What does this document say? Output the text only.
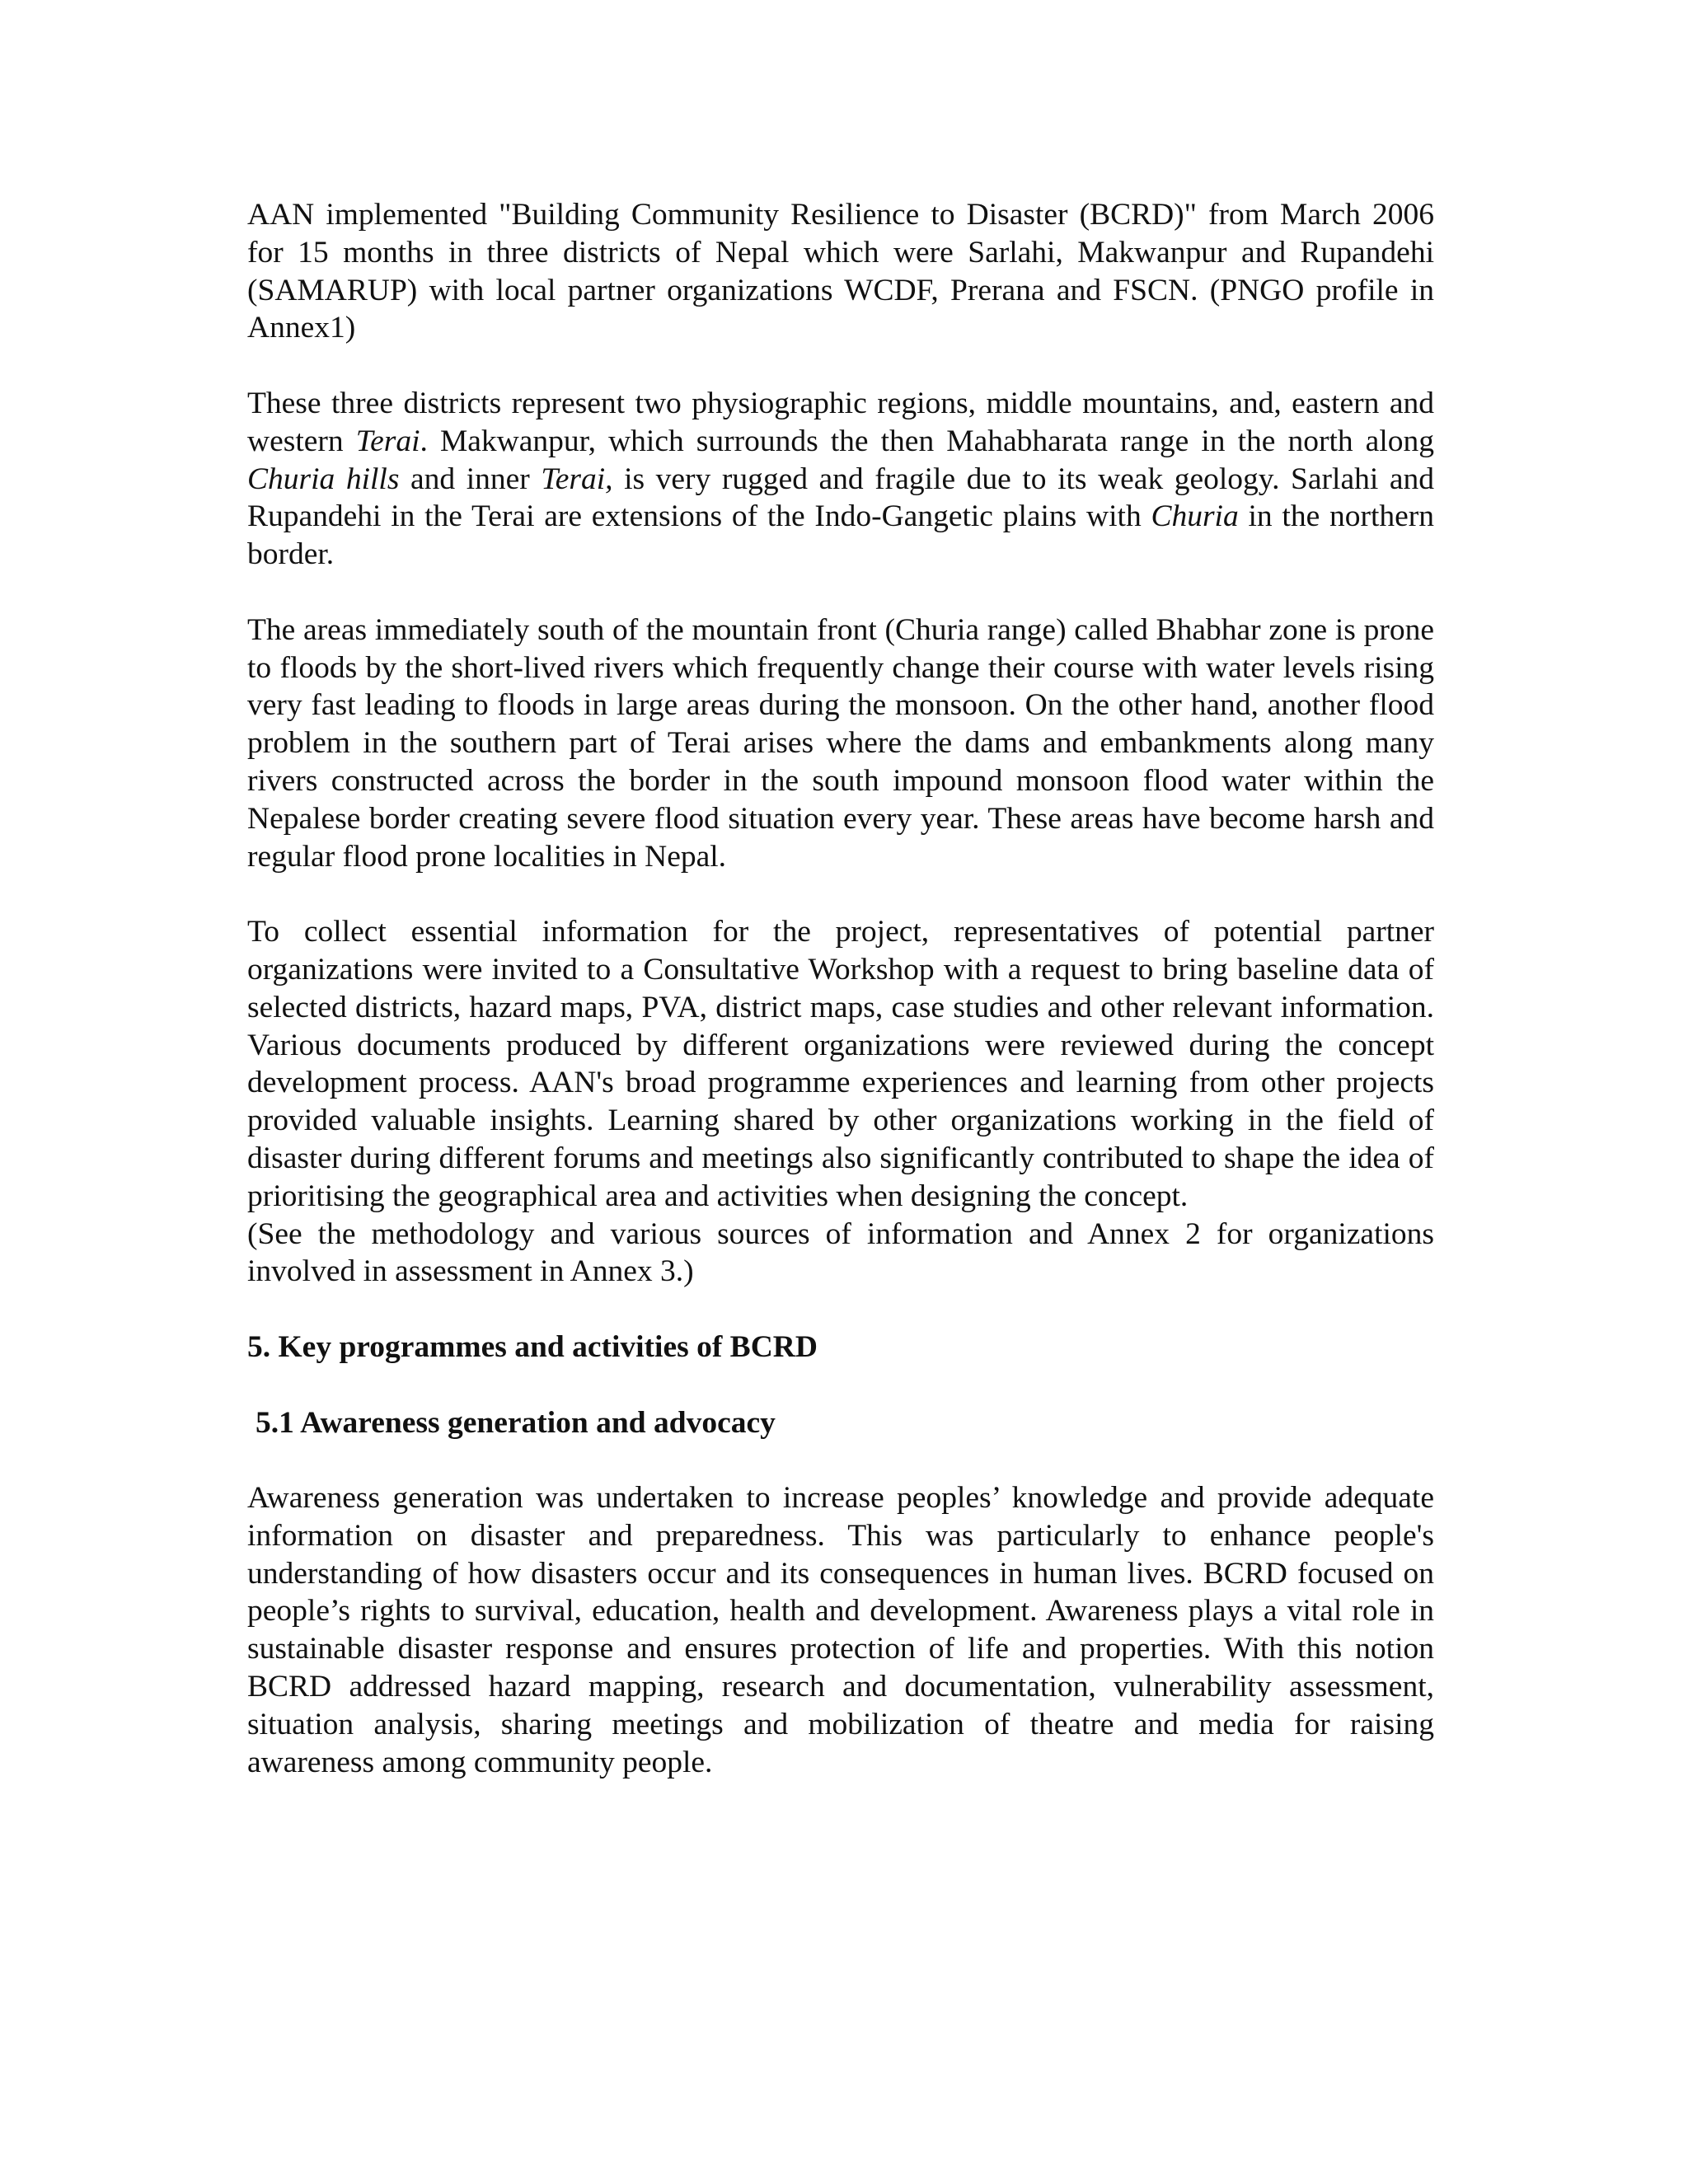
AAN implemented "Building Community Resilience to Disaster (BCRD)" from March 2006 for 15 months in three districts of Nepal which were Sarlahi, Makwanpur and Rupandehi (SAMARUP) with local partner organizations WCDF, Prerana and FSCN. (PNGO profile in Annex1)

These three districts represent two physiographic regions, middle mountains, and, eastern and western Terai. Makwanpur, which surrounds the then Mahabharata range in the north along Churia hills and inner Terai, is very rugged and fragile due to its weak geology. Sarlahi and Rupandehi in the Terai are extensions of the Indo-Gangetic plains with Churia in the northern border.

The areas immediately south of the mountain front (Churia range) called Bhabhar zone is prone to floods by the short-lived rivers which frequently change their course with water levels rising very fast leading to floods in large areas during the monsoon. On the other hand, another flood problem in the southern part of Terai arises where the dams and embankments along many rivers constructed across the border in the south impound monsoon flood water within the Nepalese border creating severe flood situation every year. These areas have become harsh and regular flood prone localities in Nepal.

To collect essential information for the project, representatives of potential partner organizations were invited to a Consultative Workshop with a request to bring baseline data of selected districts, hazard maps, PVA, district maps, case studies and other relevant information. Various documents produced by different organizations were reviewed during the concept development process. AAN's broad programme experiences and learning from other projects provided valuable insights. Learning shared by other organizations working in the field of disaster during different forums and meetings also significantly contributed to shape the idea of prioritising the geographical area and activities when designing the concept.

(See the methodology and various sources of information and Annex 2 for organizations involved in assessment in Annex 3.)

5. Key programmes and activities of BCRD
5.1 Awareness generation and advocacy

Awareness generation was undertaken to increase peoples’ knowledge and provide adequate information on disaster and preparedness. This was particularly to enhance people's understanding of how disasters occur and its consequences in human lives. BCRD focused on people’s rights to survival, education, health and development. Awareness plays a vital role in sustainable disaster response and ensures protection of life and properties. With this notion BCRD addressed hazard mapping, research and documentation, vulnerability assessment, situation analysis, sharing meetings and mobilization of theatre and media for raising awareness among community people.
